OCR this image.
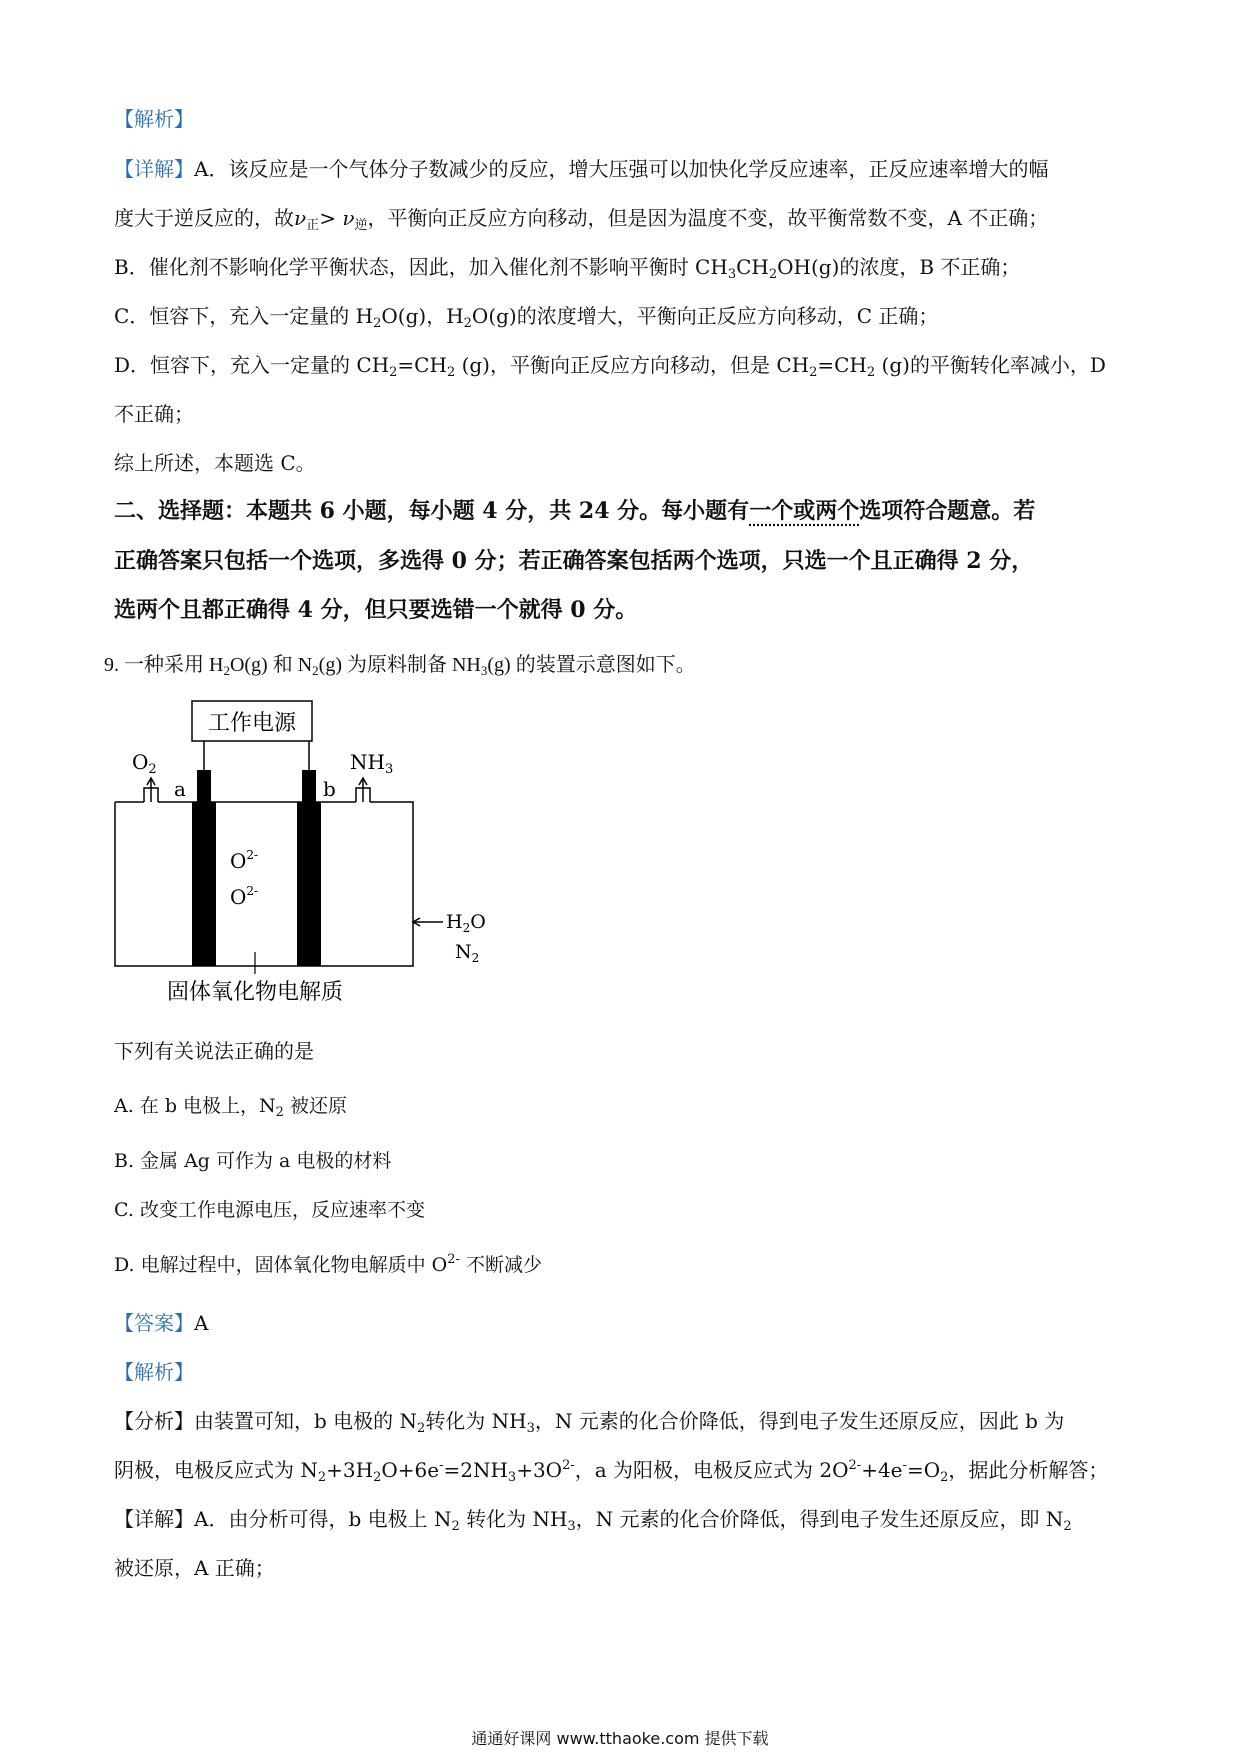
【解析】
【详解】A．该反应是一个气体分子数减少的反应，增大压强可以加快化学反应速率，正反应速率增大的幅
度大于逆反应的，故$\nu_正> \nu_逆$，平衡向正反应方向移动，但是因为温度不变，故平衡常数不变，A 不正确；
B．催化剂不影响化学平衡状态，因此，加入催化剂不影响平衡时 $CH_3CH_2OH(g)$的浓度，B 不正确；
C．恒容下，充入一定量的 $H_2O(g)$，$H_2O(g)$的浓度增大，平衡向正反应方向移动，C 正确；
D．恒容下，充入一定量的 $CH_2=CH_2$ (g)，平衡向正反应方向移动，但是 $CH_2=CH_2$ (g)的平衡转化率减小，D
不正确；
综上所述，本题选 C。
二、选择题：本题共 6 小题，每小题 4 分，共 24 分。每小题有一个或两个选项符合题意。若
正确答案只包括一个选项，多选得 0 分；若正确答案包括两个选项，只选一个且正确得 2 分，
选两个且都正确得 4 分，但只要选错一个就得 0 分。
9. 一种采用 $H_2O(g)$ 和 $N_2(g)$ 为原料制备 $NH_3(g)$ 的装置示意图如下。
工作电源
$O_2$
a	b
$NH_3$
$O^{2-}$
$O^{2-}$
$H_2O$
$N_2$
固体氧化物电解质
下列有关说法正确的是
A. 在 b 电极上，$N_2$ 被还原
B. 金属 Ag 可作为 a 电极的材料
C. 改变工作电源电压，反应速率不变
D. 电解过程中，固体氧化物电解质中 $O^{2-}$ 不断减少
【答案】A
【解析】
【分析】由装置可知，b 电极的 $N_2$转化为 $NH_3$，N 元素的化合价降低，得到电子发生还原反应，因此 b 为
阴极，电极反应式为 $N_2+3H_2O+6e^-=2NH_3+3O^{2-}$，a 为阳极，电极反应式为 $2O^{2-}+4e^-=O_2$，据此分析解答；
【详解】A．由分析可得，b 电极上 $N_2$ 转化为 $NH_3$，N 元素的化合价降低，得到电子发生还原反应，即 $N_2$
被还原，A 正确；
通通好课网 www.tthaoke.com 提供下载
